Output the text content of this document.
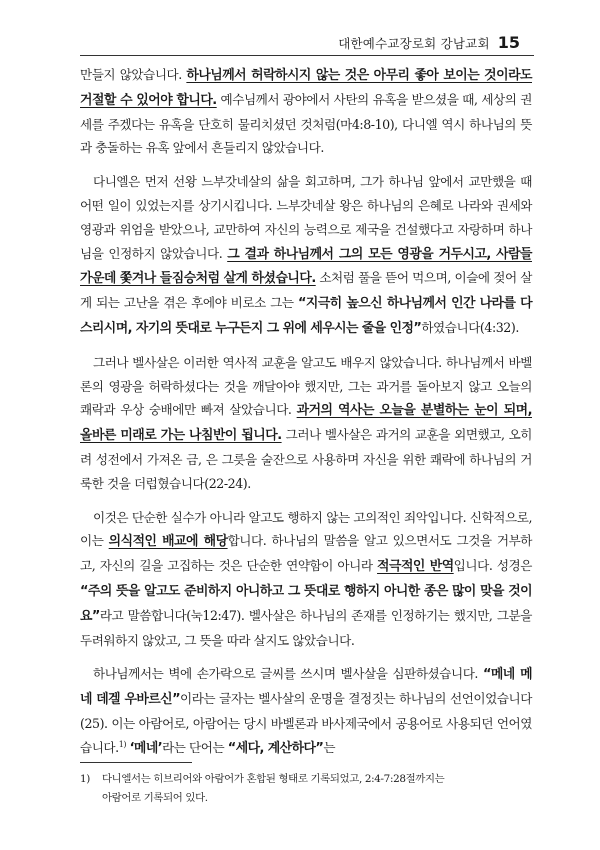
대한예수교장로회 강남교회 15

만들지 않았습니다. 하나님께서 허락하시지 않는 것은 아무리 좋아 보이는 것이라도 거절할 수 있어야 합니다. 예수님께서 광야에서 사탄의 유혹을 받으셨을 때, 세상의 권세를 주겠다는 유혹을 단호히 물리치셨던 것처럼(마4:8-10), 다니엘 역시 하나님의 뜻과 충돌하는 유혹 앞에서 흔들리지 않았습니다.

다니엘은 먼저 선왕 느부갓네살의 삶을 회고하며, 그가 하나님 앞에서 교만했을 때 어떤 일이 있었는지를 상기시킵니다. 느부갓네살 왕은 하나님의 은혜로 나라와 권세와 영광과 위엄을 받았으나, 교만하여 자신의 능력으로 제국을 건설했다고 자랑하며 하나님을 인정하지 않았습니다. 그 결과 하나님께서 그의 모든 영광을 거두시고, 사람들 가운데 쫓겨나 들짐승처럼 살게 하셨습니다. 소처럼 풀을 뜯어 먹으며, 이슬에 젖어 살게 되는 고난을 겪은 후에야 비로소 그는 “지극히 높으신 하나님께서 인간 나라를 다스리시며, 자기의 뜻대로 누구든지 그 위에 세우시는 줄을 인정”하였습니다(4:32).

그러나 벨사살은 이러한 역사적 교훈을 알고도 배우지 않았습니다. 하나님께서 바벨론의 영광을 허락하셨다는 것을 깨달아야 했지만, 그는 과거를 돌아보지 않고 오늘의 쾌락과 우상 숭배에만 빠져 살았습니다. 과거의 역사는 오늘을 분별하는 눈이 되며, 올바른 미래로 가는 나침반이 됩니다. 그러나 벨사살은 과거의 교훈을 외면했고, 오히려 성전에서 가져온 금, 은 그릇을 술잔으로 사용하며 자신을 위한 쾌락에 하나님의 거룩한 것을 더럽혔습니다(22-24).

이것은 단순한 실수가 아니라 알고도 행하지 않는 고의적인 죄악입니다. 신학적으로, 이는 의식적인 배교에 해당합니다. 하나님의 말씀을 알고 있으면서도 그것을 거부하고, 자신의 길을 고집하는 것은 단순한 연약함이 아니라 적극적인 반역입니다. 성경은 “주의 뜻을 알고도 준비하지 아니하고 그 뜻대로 행하지 아니한 종은 많이 맞을 것이요”라고 말씀합니다(눅12:47). 벨사살은 하나님의 존재를 인정하기는 했지만, 그분을 두려워하지 않았고, 그 뜻을 따라 살지도 않았습니다.

하나님께서는 벽에 손가락으로 글씨를 쓰시며 벨사살을 심판하셨습니다. “메네 메네 데겔 우바르신”이라는 글자는 벨사살의 운명을 결정짓는 하나님의 선언이었습니다(25). 이는 아람어로, 아람어는 당시 바벨론과 바사제국에서 공용어로 사용되던 언어였습니다.$^{1)}$ ‘메네’라는 단어는 “세다, 계산하다”는

1) 다니엘서는 히브리어와 아람어가 혼합된 형태로 기록되었고, 2:4-7:28절까지는
아람어로 기록되어 있다.
